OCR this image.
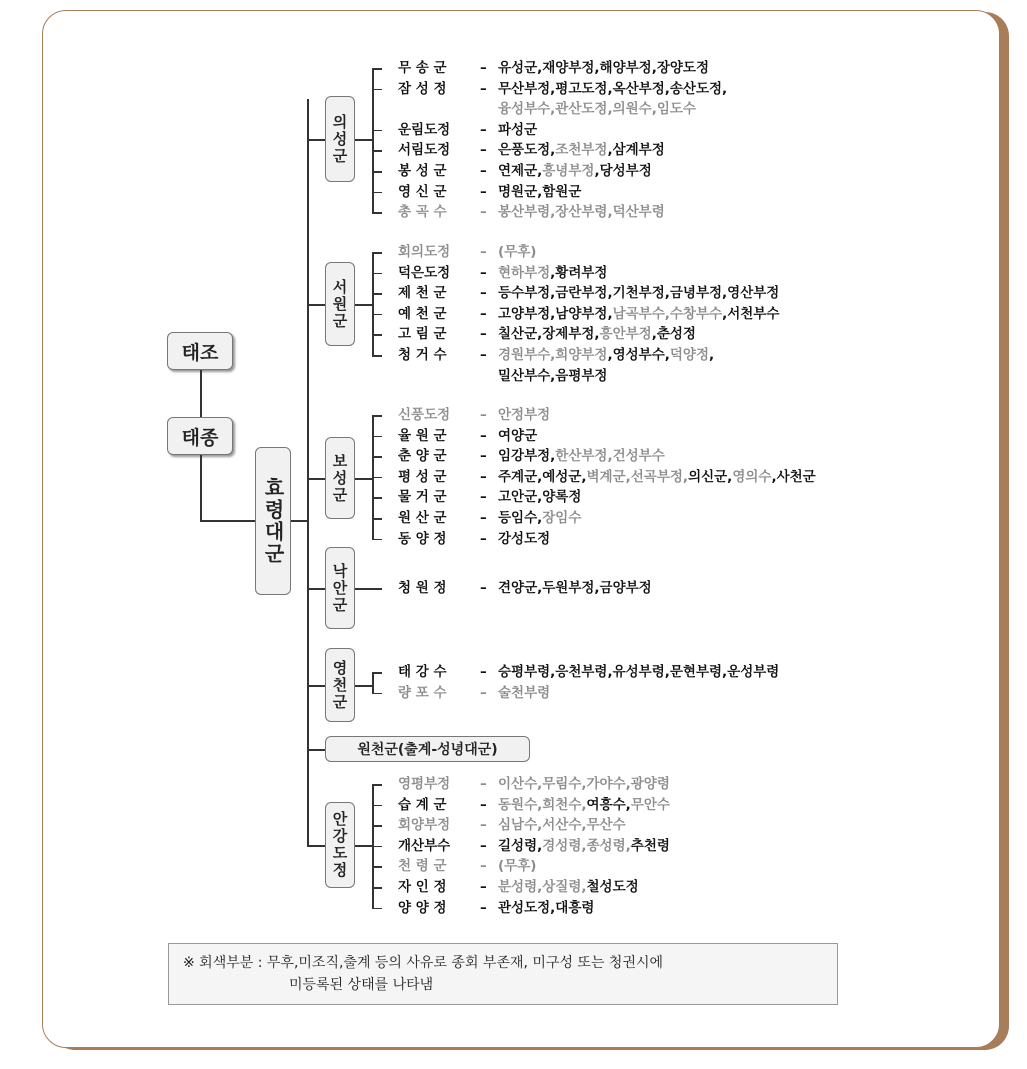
태조
태종
효령대군
의성군
무 송 군	– 유성군,재양부정,해양부정,장양도정
잠 성 정	– 무산부정,평고도정,옥산부정,송산도정,
융성부수,관산도정,의원수,임도수
운림도정	– 파성군
서림도정	– 은풍도정,조천부정,삼계부정
봉 성 군	– 연제군,흥녕부정,당성부정
영 신 군	– 명원군,함원군
총 곡 수	– 봉산부령,장산부령,덕산부령
서원군
회의도정	– (무후)
덕은도정	– 현하부정,황려부정
제 천 군	– 등수부정,금란부정,기천부정,금녕부정,영산부정
예 천 군	– 고양부정,남양부정,남곡부수,수창부수,서천부수
고 림 군	– 칠산군,장제부정,흥안부정,춘성정
청 거 수	– 경원부수,희양부정,영성부수,덕양정,
밀산부수,음평부정
보성군
신풍도정	– 안정부정
율 원 군	– 여양군
춘 양 군	– 임강부정,한산부정,건성부수
평 성 군	– 주계군,예성군,벽계군,선곡부정,의신군,영의수,사천군
물 거 군	– 고안군,양록정
원 산 군	– 등임수,장임수
동 양 정	– 강성도정
낙안군	청 원 정	– 견양군,두원부정,금양부정
영천군	태 강 수	– 승평부령,응천부령,유성부령,문현부령,운성부령
량 포 수	– 술천부령
원천군(출계-성녕대군)
안강도정
영평부정	– 이산수,무림수,가야수,광양령
습 계 군	– 동원수,희천수,여흥수,무안수
회양부정	– 심남수,서산수,무산수
개산부수	– 길성령,경성령,종성령,추천령
천 령 군	– (무후)
자 인 정	– 분성령,상질령,철성도정
양 양 정	– 관성도정,대흥령
※ 회색부분 : 무후,미조직,출계 등의 사유로 종회 부존재, 미구성 또는 청권시에
미등록된 상태를 나타냄
